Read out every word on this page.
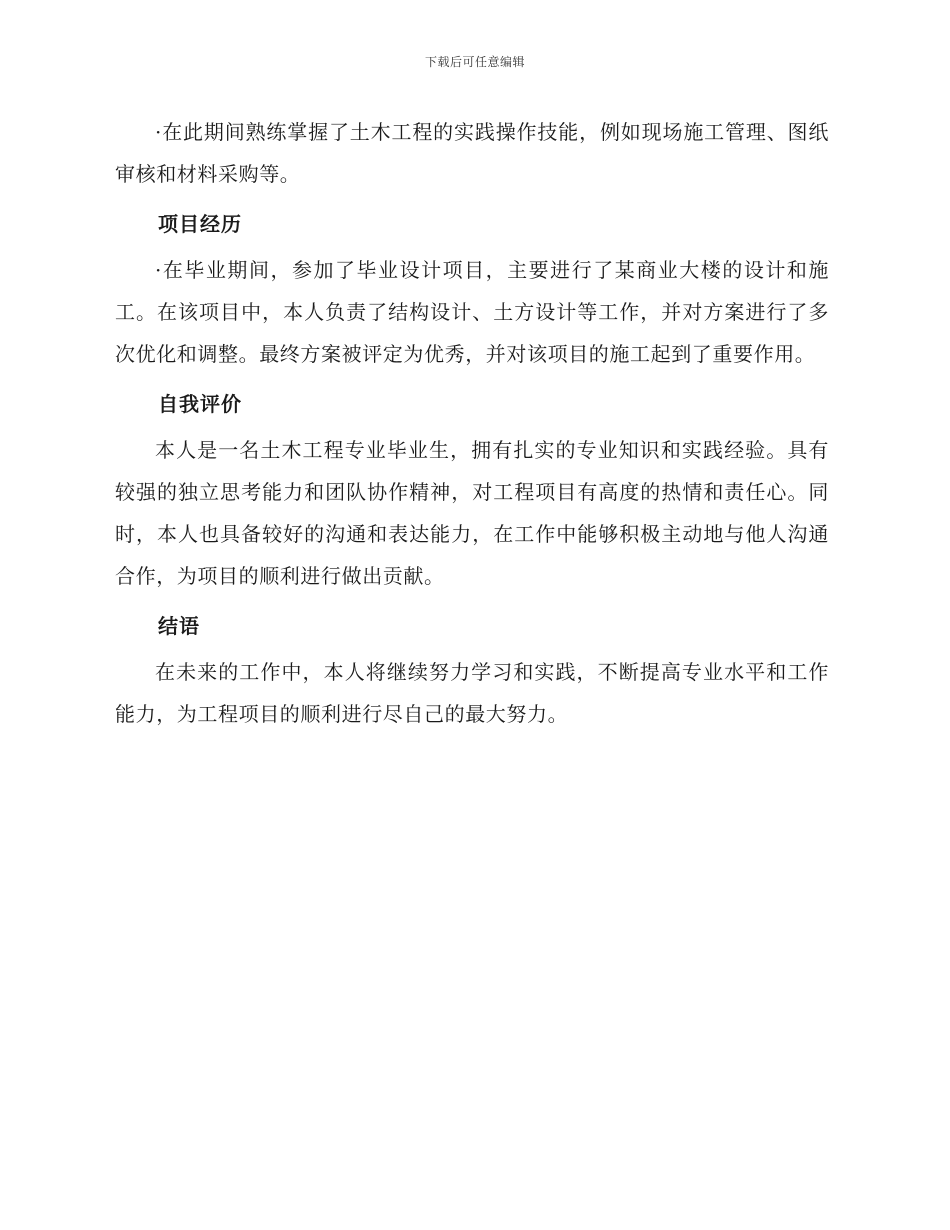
下载后可任意编辑

·在此期间熟练掌握了土木工程的实践操作技能，例如现场施工管理、图纸审核和材料采购等。

项目经历

·在毕业期间，参加了毕业设计项目，主要进行了某商业大楼的设计和施工。在该项目中，本人负责了结构设计、土方设计等工作，并对方案进行了多次优化和调整。最终方案被评定为优秀，并对该项目的施工起到了重要作用。

自我评价

本人是一名土木工程专业毕业生，拥有扎实的专业知识和实践经验。具有较强的独立思考能力和团队协作精神，对工程项目有高度的热情和责任心。同时，本人也具备较好的沟通和表达能力，在工作中能够积极主动地与他人沟通合作，为项目的顺利进行做出贡献。

结语

在未来的工作中，本人将继续努力学习和实践，不断提高专业水平和工作能力，为工程项目的顺利进行尽自己的最大努力。
